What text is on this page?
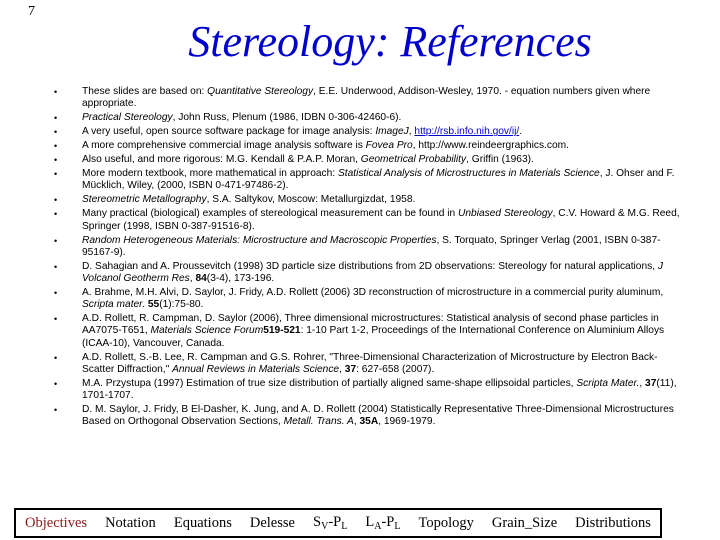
7
Stereology: References
• These slides are based on: Quantitative Stereology, E.E. Underwood, Addison-Wesley, 1970. - equation numbers given where appropriate.
• Practical Stereology, John Russ, Plenum (1986, IDBN 0-306-42460-6).
• A very useful, open source software package for image analysis: ImageJ, http://rsb.info.nih.gov/ij/.
• A more comprehensive commercial image analysis software is Fovea Pro, http://www.reindeergraphics.com.
• Also useful, and more rigorous: M.G. Kendall & P.A.P. Moran, Geometrical Probability, Griffin (1963).
• More modern textbook, more mathematical in approach: Statistical Analysis of Microstructures in Materials Science, J. Ohser and F. Mücklich, Wiley, (2000, ISBN 0-471-97486-2).
• Stereometric Metallography, S.A. Saltykov, Moscow: Metallurgizdat, 1958.
• Many practical (biological) examples of stereological measurement can be found in Unbiased Stereology, C.V. Howard & M.G. Reed, Springer (1998, ISBN 0-387-91516-8).
• Random Heterogeneous Materials: Microstructure and Macroscopic Properties, S. Torquato, Springer Verlag (2001, ISBN 0-387-95167-9).
• D. Sahagian and A. Proussevitch (1998) 3D particle size distributions from 2D observations: Stereology for natural applications, J Volcanol Geotherm Res, 84(3-4), 173-196.
• A. Brahme, M.H. Alvi, D. Saylor, J. Fridy, A.D. Rollett (2006) 3D reconstruction of microstructure in a commercial purity aluminum, Scripta mater. 55(1):75-80.
• A.D. Rollett, R. Campman, D. Saylor (2006), Three dimensional microstructures: Statistical analysis of second phase particles in AA7075-T651, Materials Science Forum519-521: 1-10 Part 1-2, Proceedings of the International Conference on Aluminium Alloys (ICAA-10), Vancouver, Canada.
• A.D. Rollett, S.-B. Lee, R. Campman and G.S. Rohrer, "Three-Dimensional Characterization of Microstructure by Electron Back-Scatter Diffraction," Annual Reviews in Materials Science, 37: 627-658 (2007).
• M.A. Przystupa (1997) Estimation of true size distribution of partially aligned same-shape ellipsoidal particles, Scripta Mater., 37(11), 1701-1707.
• D. M. Saylor, J. Fridy, B El-Dasher, K. Jung, and A. D. Rollett (2004) Statistically Representative Three-Dimensional Microstructures Based on Orthogonal Observation Sections, Metall. Trans. A, 35A, 1969-1979.
Objectives Notation Equations Delesse $S_V-P_L$ $L_A-P_L$ Topology Grain_Size Distributions
